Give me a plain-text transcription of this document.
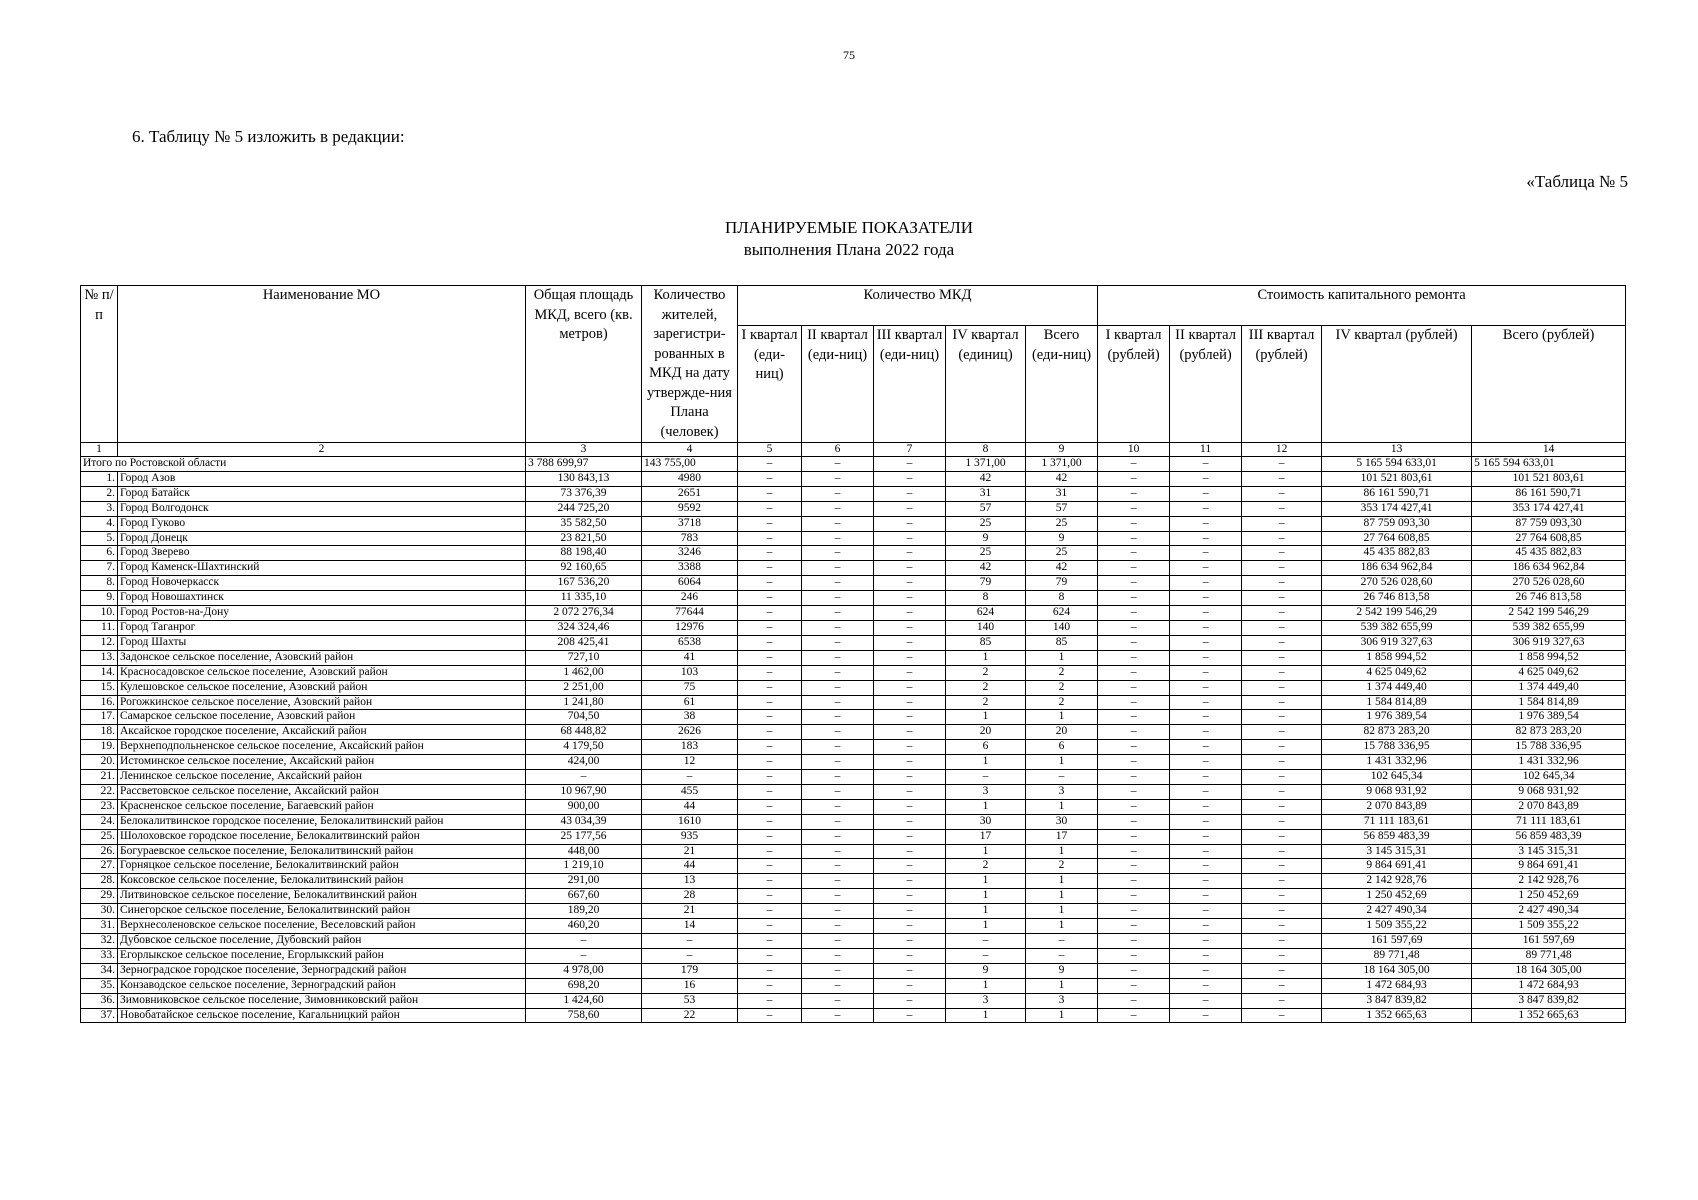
75
6. Таблицу № 5 изложить в редакции:
«Таблица № 5
ПЛАНИРУЕМЫЕ ПОКАЗАТЕЛИ
выполнения Плана 2022 года
№ п/п	Наименование МО	Общая площадь МКД, всего (кв. метров)	Количество жителей, зарегистри-рованных в МКД на дату утвержде-ния Плана (человек)	Количество МКД					Стоимость капитального ремонта				
				I квартал (еди-ниц)	II квартал (еди-ниц)	III квартал (еди-ниц)	IV квартал (единиц)	Всего (еди-ниц)	I квартал (рублей)	II квартал (рублей)	III квартал (рублей)	IV квартал (рублей)	Всего (рублей)
1	2	3	4	5	6	7	8	9	10	11	12	13	14
Итого по Ростовской области		3 788 699,97	143 755,00	–	–	–	1 371,00	1 371,00	–	–	–	5 165 594 633,01	5 165 594 633,01
1.	Город Азов	130 843,13	4980	–	–	–	42	42	–	–	–	101 521 803,61	101 521 803,61
2.	Город Батайск	73 376,39	2651	–	–	–	31	31	–	–	–	86 161 590,71	86 161 590,71
3.	Город Волгодонск	244 725,20	9592	–	–	–	57	57	–	–	–	353 174 427,41	353 174 427,41
4.	Город Гуково	35 582,50	3718	–	–	–	25	25	–	–	–	87 759 093,30	87 759 093,30
5.	Город Донецк	23 821,50	783	–	–	–	9	9	–	–	–	27 764 608,85	27 764 608,85
6.	Город Зверево	88 198,40	3246	–	–	–	25	25	–	–	–	45 435 882,83	45 435 882,83
7.	Город Каменск-Шахтинский	92 160,65	3388	–	–	–	42	42	–	–	–	186 634 962,84	186 634 962,84
8.	Город Новочеркасск	167 536,20	6064	–	–	–	79	79	–	–	–	270 526 028,60	270 526 028,60
9.	Город Новошахтинск	11 335,10	246	–	–	–	8	8	–	–	–	26 746 813,58	26 746 813,58
10.	Город Ростов-на-Дону	2 072 276,34	77644	–	–	–	624	624	–	–	–	2 542 199 546,29	2 542 199 546,29
11.	Город Таганрог	324 324,46	12976	–	–	–	140	140	–	–	–	539 382 655,99	539 382 655,99
12.	Город Шахты	208 425,41	6538	–	–	–	85	85	–	–	–	306 919 327,63	306 919 327,63
13.	Задонское сельское поселение, Азовский район	727,10	41	–	–	–	1	1	–	–	–	1 858 994,52	1 858 994,52
14.	Красносадовское сельское поселение, Азовский район	1 462,00	103	–	–	–	2	2	–	–	–	4 625 049,62	4 625 049,62
15.	Кулешовское сельское поселение, Азовский район	2 251,00	75	–	–	–	2	2	–	–	–	1 374 449,40	1 374 449,40
16.	Рогожкинское сельское поселение, Азовский район	1 241,80	61	–	–	–	2	2	–	–	–	1 584 814,89	1 584 814,89
17.	Самарское сельское поселение, Азовский район	704,50	38	–	–	–	1	1	–	–	–	1 976 389,54	1 976 389,54
18.	Аксайское городское поселение, Аксайский район	68 448,82	2626	–	–	–	20	20	–	–	–	82 873 283,20	82 873 283,20
19.	Верхнеподпольненское сельское поселение, Аксайский район	4 179,50	183	–	–	–	6	6	–	–	–	15 788 336,95	15 788 336,95
20.	Истоминское сельское поселение, Аксайский район	424,00	12	–	–	–	1	1	–	–	–	1 431 332,96	1 431 332,96
21.	Ленинское сельское поселение, Аксайский район	–	–	–	–	–	–	–	–	–	–	102 645,34	102 645,34
22.	Рассветовское сельское поселение, Аксайский район	10 967,90	455	–	–	–	3	3	–	–	–	9 068 931,92	9 068 931,92
23.	Красненское сельское поселение, Багаевский район	900,00	44	–	–	–	1	1	–	–	–	2 070 843,89	2 070 843,89
24.	Белокалитвинское городское поселение, Белокалитвинский район	43 034,39	1610	–	–	–	30	30	–	–	–	71 111 183,61	71 111 183,61
25.	Шолоховское городское поселение, Белокалитвинский район	25 177,56	935	–	–	–	17	17	–	–	–	56 859 483,39	56 859 483,39
26.	Богураевское сельское поселение, Белокалитвинский район	448,00	21	–	–	–	1	1	–	–	–	3 145 315,31	3 145 315,31
27.	Горняцкое сельское поселение, Белокалитвинский район	1 219,10	44	–	–	–	2	2	–	–	–	9 864 691,41	9 864 691,41
28.	Коксовское сельское поселение, Белокалитвинский район	291,00	13	–	–	–	1	1	–	–	–	2 142 928,76	2 142 928,76
29.	Литвиновское сельское поселение, Белокалитвинский район	667,60	28	–	–	–	1	1	–	–	–	1 250 452,69	1 250 452,69
30.	Синегорское сельское поселение, Белокалитвинский район	189,20	21	–	–	–	1	1	–	–	–	2 427 490,34	2 427 490,34
31.	Верхнесоленовское сельское поселение, Веселовский район	460,20	14	–	–	–	1	1	–	–	–	1 509 355,22	1 509 355,22
32.	Дубовское сельское поселение, Дубовский район	–	–	–	–	–	–	–	–	–	–	161 597,69	161 597,69
33.	Егорлыкское сельское поселение, Егорлыкский район	–	–	–	–	–	–	–	–	–	–	89 771,48	89 771,48
34.	Зерноградское городское поселение, Зерноградский район	4 978,00	179	–	–	–	9	9	–	–	–	18 164 305,00	18 164 305,00
35.	Конзаводское сельское поселение, Зерноградский район	698,20	16	–	–	–	1	1	–	–	–	1 472 684,93	1 472 684,93
36.	Зимовниковское сельское поселение, Зимовниковский район	1 424,60	53	–	–	–	3	3	–	–	–	3 847 839,82	3 847 839,82
37.	Новобатайское сельское поселение, Кагальницкий район	758,60	22	–	–	–	1	1	–	–	–	1 352 665,63	1 352 665,63
